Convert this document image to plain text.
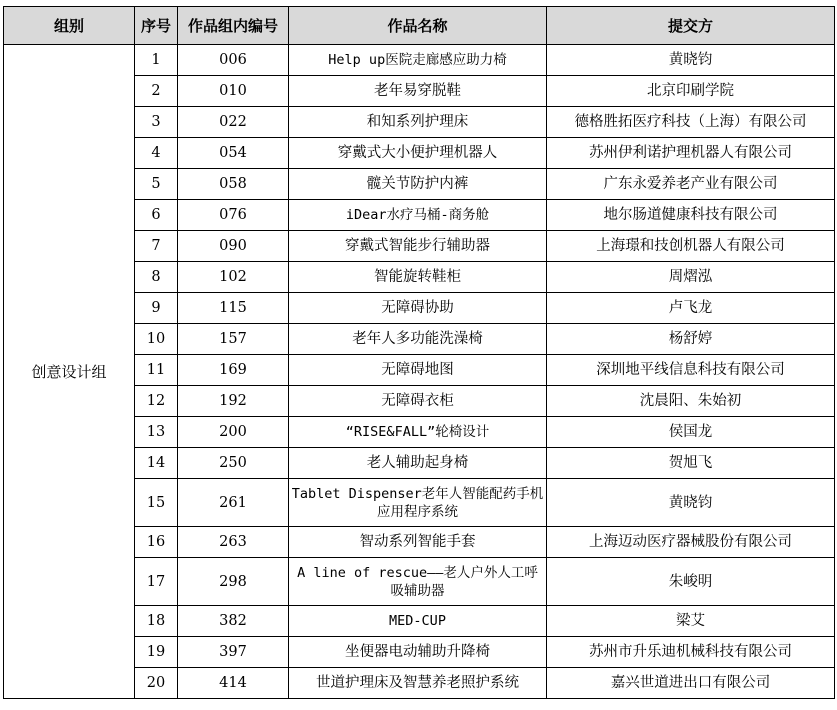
组别	序号	作品组内编号	作品名称	提交方
创意设计组	1	006	Help up医院走廊感应助力椅	黄晓钧
	2	010	老年易穿脱鞋	北京印刷学院
	3	022	和知系列护理床	德格胜拓医疗科技（上海）有限公司
	4	054	穿戴式大小便护理机器人	苏州伊利诺护理机器人有限公司
	5	058	髋关节防护内裤	广东永爱养老产业有限公司
	6	076	iDear水疗马桶-商务舱	地尔肠道健康科技有限公司
	7	090	穿戴式智能步行辅助器	上海璟和技创机器人有限公司
	8	102	智能旋转鞋柜	周熠泓
	9	115	无障碍协助	卢飞龙
	10	157	老年人多功能洗澡椅	杨舒婷
	11	169	无障碍地图	深圳地平线信息科技有限公司
	12	192	无障碍衣柜	沈晨阳、朱始初
	13	200	“RISE&FALL”轮椅设计	侯国龙
	14	250	老人辅助起身椅	贺旭飞
	15	261	Tablet Dispenser老年人智能配药手机应用程序系统	黄晓钧
	16	263	智动系列智能手套	上海迈动医疗器械股份有限公司
	17	298	A line of rescue——老人户外人工呼吸辅助器	朱峻明
	18	382	MED-CUP	梁艾
	19	397	坐便器电动辅助升降椅	苏州市升乐迪机械科技有限公司
	20	414	世道护理床及智慧养老照护系统	嘉兴世道进出口有限公司
